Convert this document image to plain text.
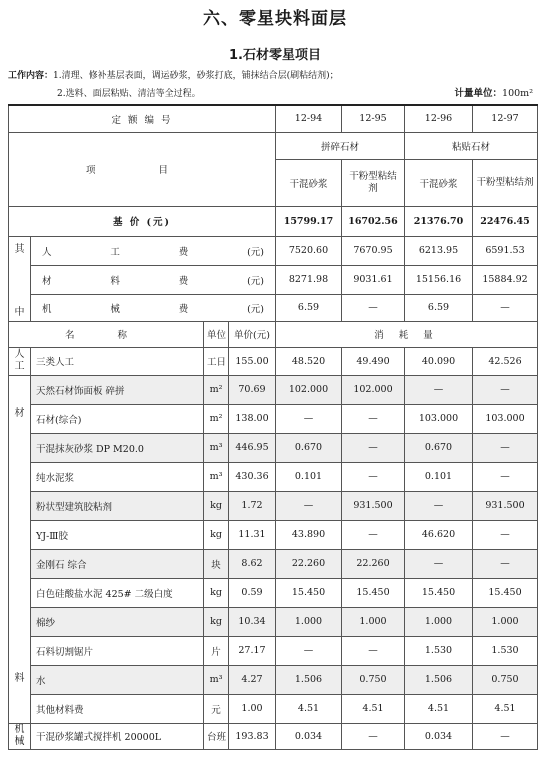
六、零星块料面层
1.石材零星项目
工作内容：1.清理、修补基层表面，调运砂浆，砂浆打底，铺抹结合层(刷粘结剂)；
2.选料、面层粘贴、清洁等全过程。	计量单位：100m²
定 额 编 号				12-94	12-95	12-96	12-97
项 目				拼碎石材		粘贴石材	
				干混砂浆	干粉型粘结剂	干混砂浆	干粉型粘结剂
基 价 (元)				15799.17	16702.56	21376.70	22476.45

其
中	人 工 费 (元)			7520.60	7670.95	6213.95	6591.53

	材 料 费 (元)			8271.98	9031.61	15156.16	15884.92

	机 械 费 (元)			6.59	—	6.59	—
名 称		单位	单价(元)	消 耗 量			
人工	三类人工	工日	155.00	48.520	49.490	40.090	42.526

材
料	天然石材饰面板 碎拼	m²	70.69	102.000	102.000	—	—
	石材(综合)	m²	138.00	—	—	103.000	103.000
	干混抹灰砂浆 DP M20.0	m³	446.95	0.670	—	0.670	—
	纯水泥浆	m³	430.36	0.101	—	0.101	—
	粉状型建筑胶粘剂	kg	1.72	—	931.500	—	931.500
	YJ-Ⅲ胶	kg	11.31	43.890	—	46.620	—
	金刚石 综合	块	8.62	22.260	22.260	—	—
	白色硅酸盐水泥 425# 二级白度	kg	0.59	15.450	15.450	15.450	15.450
	棉纱	kg	10.34	1.000	1.000	1.000	1.000
	石料切割锯片	片	27.17	—	—	1.530	1.530
	水	m³	4.27	1.506	0.750	1.506	0.750
	其他材料费	元	1.00	4.51	4.51	4.51	4.51
机械	干混砂浆罐式搅拌机 20000L	台班	193.83	0.034	—	0.034	—
